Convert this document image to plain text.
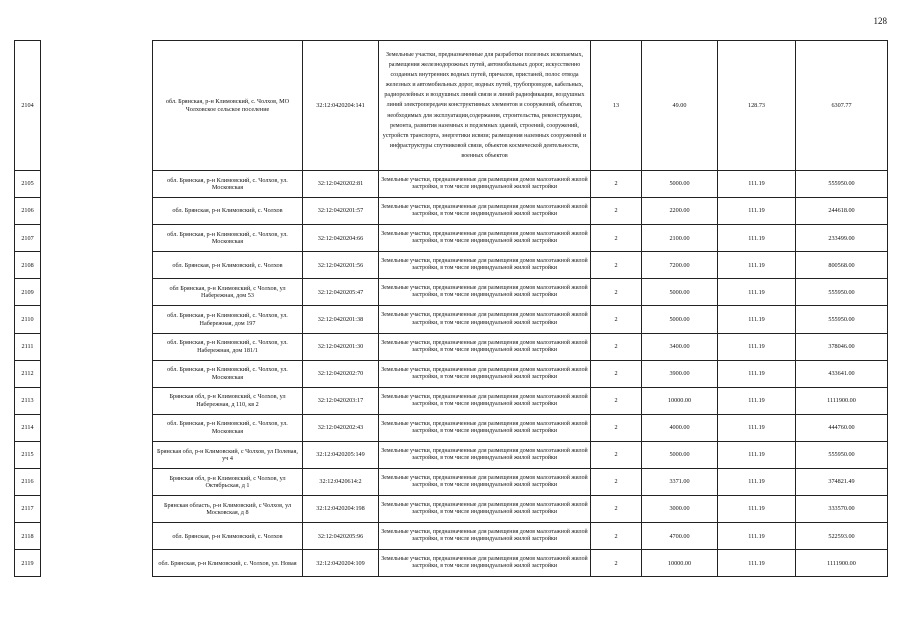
128
2104		обл. Брянская, р-н Климовский, с. Чолхов, МО Чолховское сельское поселение	32:12:0420204:141	Земельные участки, предназначенные для разработки полезных ископаемых, размещения железнодорожных путей, автомобильных дорог, искусственно созданных внутренних водных путей, причалов, пристаней, полос отвода железных и автомобильных дорог, водных путей, трубопроводов, кабельных, радиорелейных и воздушных линий связи и линий радиофикации, воздушных линий электропередачи конструктивных элементов и сооружений, объектов, необходимых для эксплуатации,содержания, строительства, реконструкции, ремонта, развития наземных и подземных зданий, строений, сооружений, устройств транспорта, энергетики исвязи; размещения наземных сооружений и инфраструктуры спутниковой связи, объектов космической деятельности, военных объектов	13	49.00	128.73	6307.77
2105		обл. Брянская, р-н Климовский, с. Чолхов, ул. Московская	32:12:0420202:81	Земельные участки, предназначенные для размещения домов малоэтажной жилой застройки, в том числе индивидуальной жилой застройки	2	5000.00	111.19	555950.00
2106		обл. Брянская, р-н Климовский, с. Чолхов	32:12:0420201:57	Земельные участки, предназначенные для размещения домов малоэтажной жилой застройки, в том числе индивидуальной жилой застройки	2	2200.00	111.19	244618.00
2107		обл. Брянская, р-н Климовский, с. Чолхов, ул. Московская	32:12:0420204:66	Земельные участки, предназначенные для размещения домов малоэтажной жилой застройки, в том числе индивидуальной жилой застройки	2	2100.00	111.19	233499.00
2108		обл. Брянская, р-н Климовский, с. Чолхов	32:12:0420201:56	Земельные участки, предназначенные для размещения домов малоэтажной жилой застройки, в том числе индивидуальной жилой застройки	2	7200.00	111.19	800568.00
2109		обл Брянская, р-н Климовский, с Чолхов, ул Набережная, дом 53	32:12:0420205:47	Земельные участки, предназначенные для размещения домов малоэтажной жилой застройки, в том числе индивидуальной жилой застройки	2	5000.00	111.19	555950.00
2110		обл. Брянская, р-н Климовский, с. Чолхов, ул. Набережная, дом 197	32:12:0420201:38	Земельные участки, предназначенные для размещения домов малоэтажной жилой застройки, в том числе индивидуальной жилой застройки	2	5000.00	111.19	555950.00
2111		обл. Брянская, р-н Климовский, с. Чолхов, ул. Набережная, дом 181/1	32:12:0420201:30	Земельные участки, предназначенные для размещения домов малоэтажной жилой застройки, в том числе индивидуальной жилой застройки	2	3400.00	111.19	378046.00
2112		обл. Брянская, р-н Климовский, с. Чолхов, ул. Московская	32:12:0420202:70	Земельные участки, предназначенные для размещения домов малоэтажной жилой застройки, в том числе индивидуальной жилой застройки	2	3900.00	111.19	433641.00
2113		Брянская обл, р-н Климовский, с Чолхов, ул Набережная, д 110, кв 2	32:12:0420203:17	Земельные участки, предназначенные для размещения домов малоэтажной жилой застройки, в том числе индивидуальной жилой застройки	2	10000.00	111.19	1111900.00
2114		обл. Брянская, р-н Климовский, с. Чолхов, ул. Московская	32:12:0420202:43	Земельные участки, предназначенные для размещения домов малоэтажной жилой застройки, в том числе индивидуальной жилой застройки	2	4000.00	111.19	444760.00
2115		Брянская обл, р-н Климовский, с Чолхов, ул Полевая, уч 4	32:12:0420205:149	Земельные участки, предназначенные для размещения домов малоэтажной жилой застройки, в том числе индивидуальной жилой застройки	2	5000.00	111.19	555950.00
2116		Брянская обл, р-н Климовский, с Чолхов, ул Октябрьская, д 1	32:12:0420614:2	Земельные участки, предназначенные для размещения домов малоэтажной жилой застройки, в том числе индивидуальной жилой застройки	2	3371.00	111.19	374821.49
2117		Брянская область, р-н Климовский, с Чолхов, ул Московская, д 8	32:12:0420204:198	Земельные участки, предназначенные для размещения домов малоэтажной жилой застройки, в том числе индивидуальной жилой застройки	2	3000.00	111.19	333570.00
2118		обл. Брянская, р-н Климовский, с. Чолхов	32:12:0420205:96	Земельные участки, предназначенные для размещения домов малоэтажной жилой застройки, в том числе индивидуальной жилой застройки	2	4700.00	111.19	522593.00
2119		обл. Брянская, р-н Климовский, с. Чолхов, ул. Новая	32:12:0420204:109	Земельные участки, предназначенные для размещения домов малоэтажной жилой застройки, в том числе индивидуальной жилой застройки	2	10000.00	111.19	1111900.00
